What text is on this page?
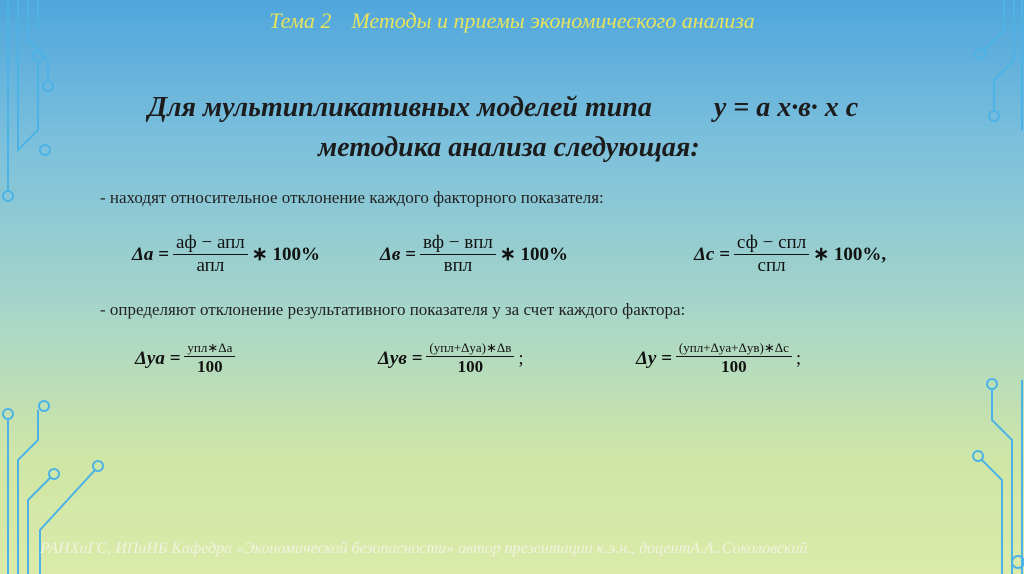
Тема 2 Методы и приемы экономического анализа
Для мультипликативных моделей типа y = a x·в· x c
методика анализа следующая:
- находят относительное отклонение каждого факторного показателя:
$\Delta а = \frac{\text{аф − апл}}{\text{апл}}$ ∗ 100%	$\Delta в = \frac{\text{вф − впл}}{\text{впл}}$ ∗ 100%	$\Delta с = \frac{\text{сф − спл}}{\text{спл}}$ ∗ 100%,
- определяют отклонение результативного показателя y за счет каждого фактора:
$\Delta ya = \frac{\text{yпл∗Δа}}{100}$	$\Delta yв = \frac{\text{(yпл+Δya)∗Δв}}{100}$ ;	$\Delta y = \frac{\text{(yпл+Δya+Δyв)∗Δс}}{100}$ ;
РАНХиГС, ИПиНБ Кафедра «Экономической безопасности» автор презентации к.э.н., доцентА.А..Соколовский
